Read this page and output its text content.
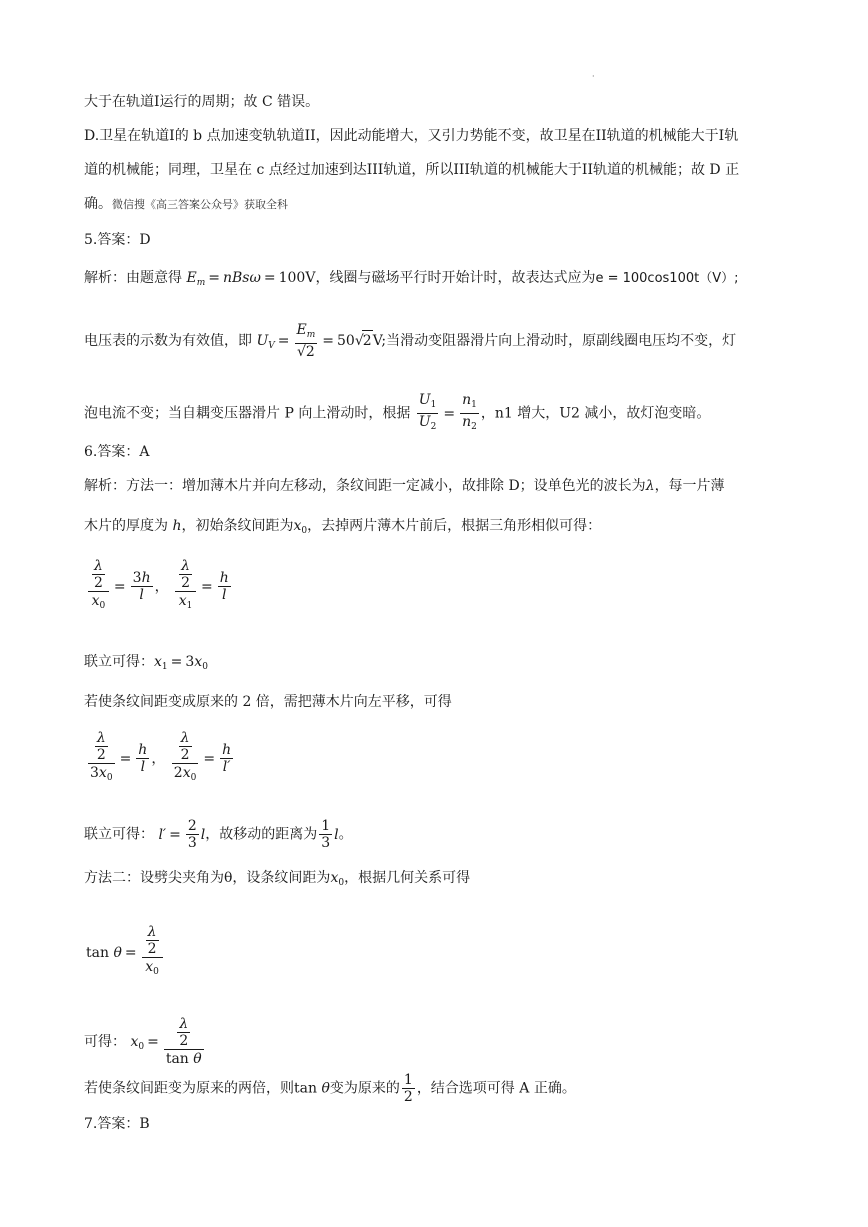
·
大于在轨道I运行的周期；故 C 错误。
D.卫星在轨道I的 b 点加速变轨轨道II，因此动能增大，又引力势能不变，故卫星在II轨道的机械能大于I轨
道的机械能；同理，卫星在 c 点经过加速到达III轨道，所以III轨道的机械能大于II轨道的机械能；故 D 正
确。微信搜《高三答案公众号》获取全科
5.答案：D
解析：由题意得 $E_m = nBs\omega = 100V$，线圈与磁场平行时开始计时，故表达式应为e = 100cos100t（V）;
电压表的示数为有效值，即 $U_V = \frac{E_m}{√2} = 50√2V$;当滑动变阻器滑片向上滑动时，原副线圈电压均不变，灯
泡电流不变；当自耦变压器滑片 P 向上滑动时，根据 $\frac{U_1}{U_2} = \frac{n_1}{n_2}$ ，n1 增大，U2 减小，故灯泡变暗。
6.答案：A
解析：方法一：增加薄木片并向左移动，条纹间距一定减小，故排除 D；设单色光的波长为λ，每一片薄
木片的厚度为 h，初始条纹间距为$x_0$，去掉两片薄木片前后，根据三角形相似可得：
$\frac{\frac{\lambda}{2}}{x_0} = \frac{3h}{l}$ ， $\frac{\frac{\lambda}{2}}{x_1} = \frac{h}{l}$
联立可得：$x_1 = 3x_0$
若使条纹间距变成原来的 2 倍，需把薄木片向左平移，可得
$\frac{\frac{\lambda}{2}}{3x_0} = \frac{h}{l}$ ， $\frac{\frac{\lambda}{2}}{2x_0} = \frac{h}{l'}$
联立可得： $l' = \frac{2}{3}$ l，故移动的距离为 $\frac{1}{3}$ l。
方法二：设劈尖夹角为θ，设条纹间距为$x_0$，根据几何关系可得
$\tan \theta = \frac{\frac{\lambda}{2}}{x_0}$
可得： $x_0 = \frac{\frac{\lambda}{2}}{\text{tan θ}}$
若使条纹间距变为原来的两倍，则tan θ变为原来的 $\frac{1}{2}$ ，结合选项可得 A 正确。
7.答案：B
